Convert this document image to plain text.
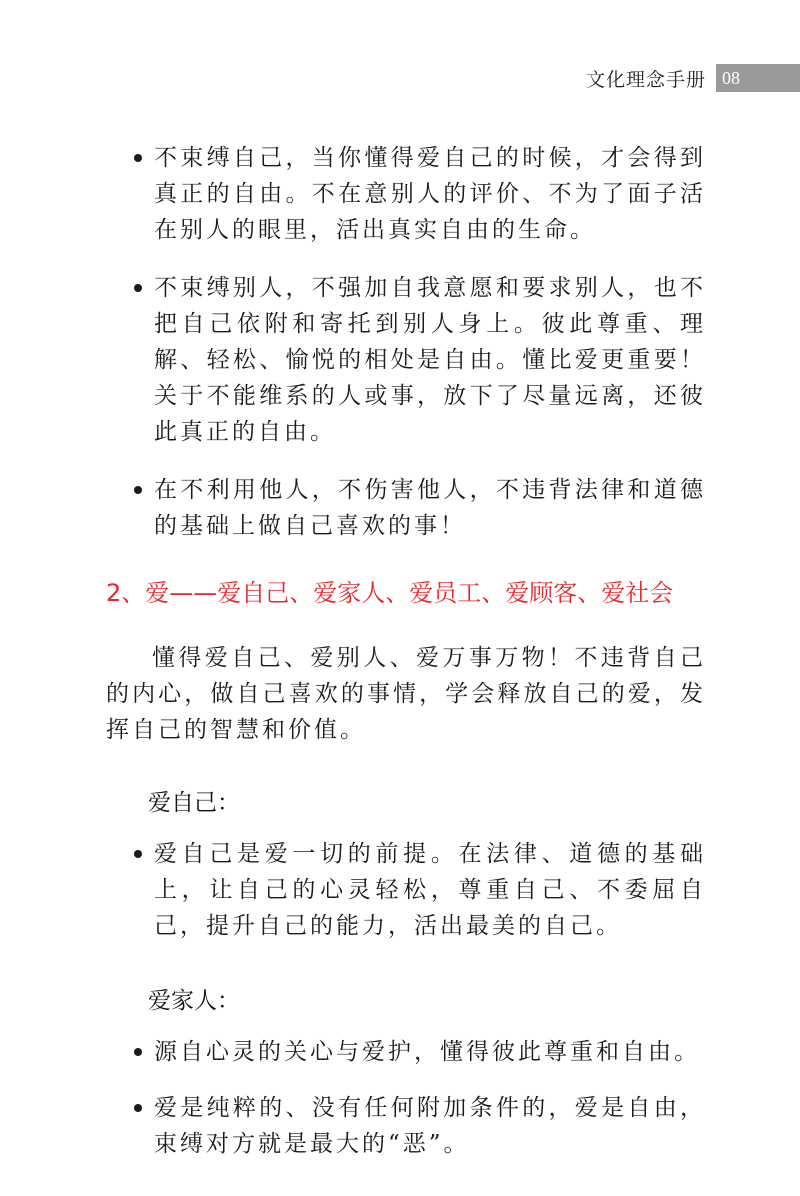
文化理念手册 08
不束缚自己，当你懂得爱自己的时候，才会得到真正的自由。不在意别人的评价、不为了面子活在别人的眼里，活出真实自由的生命。
不束缚别人，不强加自我意愿和要求别人，也不把自己依附和寄托到别人身上。彼此尊重、理解、轻松、愉悦的相处是自由。懂比爱更重要！关于不能维系的人或事，放下了尽量远离，还彼此真正的自由。
在不利用他人，不伤害他人，不违背法律和道德的基础上做自己喜欢的事！
2、爱——爱自己、爱家人、爱员工、爱顾客、爱社会
懂得爱自己、爱别人、爱万事万物！不违背自己的内心，做自己喜欢的事情，学会释放自己的爱，发挥自己的智慧和价值。
爱自己：
爱自己是爱一切的前提。在法律、道德的基础上，让自己的心灵轻松，尊重自己、不委屈自己，提升自己的能力，活出最美的自己。
爱家人：
源自心灵的关心与爱护，懂得彼此尊重和自由。
爱是纯粹的、没有任何附加条件的，爱是自由，束缚对方就是最大的“恶”。
